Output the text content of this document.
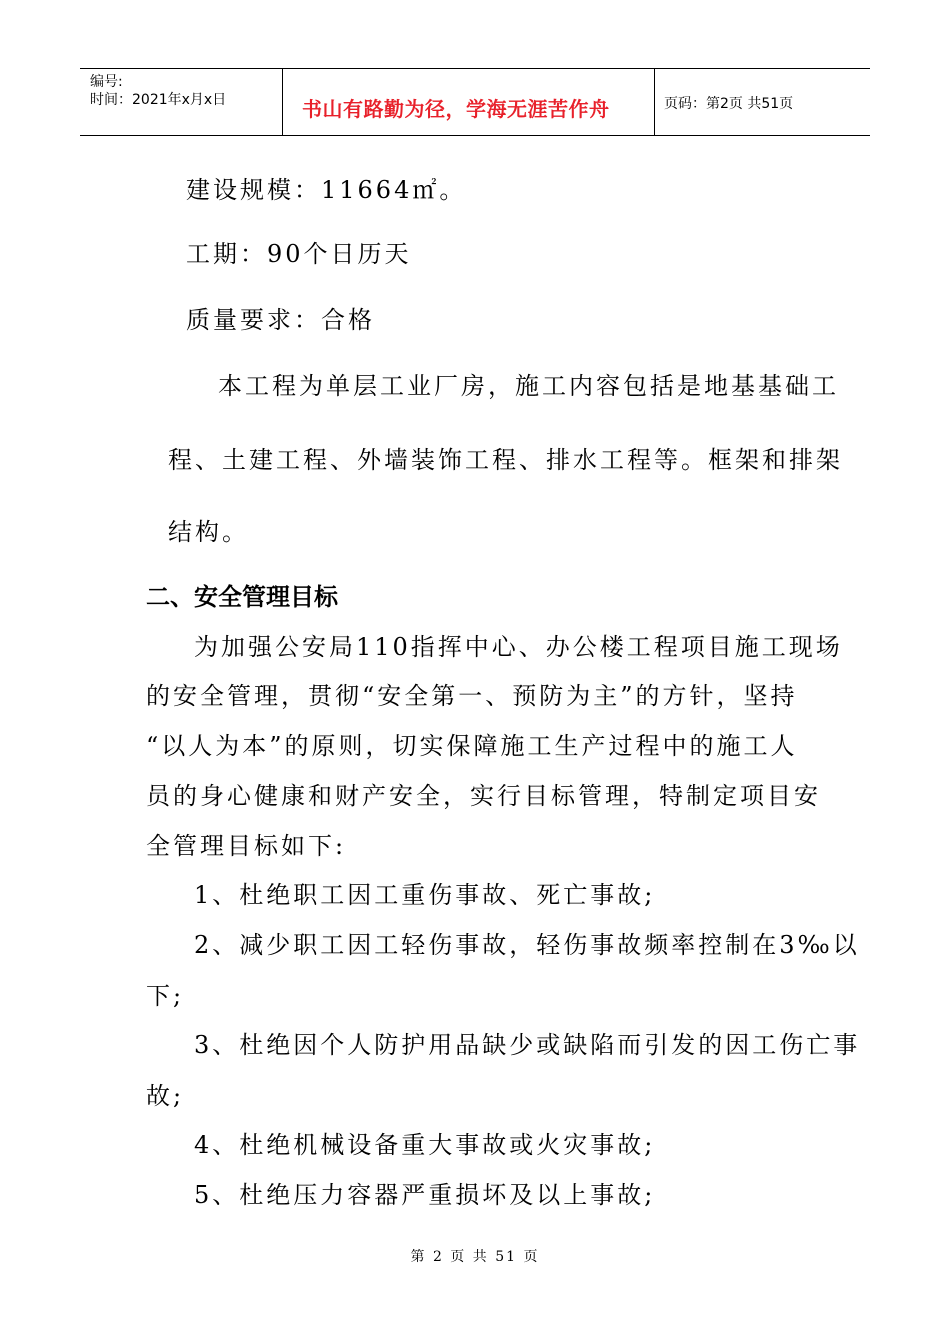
编号:
时间：2021年x月x日	书山有路勤为径，学海无涯苦作舟	页码：第2页 共51页
建设规模：11664㎡。
工期：90个日历天
质量要求：合格
本工程为单层工业厂房，施工内容包括是地基基础工
程、土建工程、外墙装饰工程、排水工程等。框架和排架
结构。
二、安全管理目标
为加强公安局110指挥中心、办公楼工程项目施工现场
的安全管理，贯彻“安全第一、预防为主”的方针，坚持
“以人为本”的原则，切实保障施工生产过程中的施工人
员的身心健康和财产安全，实行目标管理，特制定项目安
全管理目标如下:
1、杜绝职工因工重伤事故、死亡事故;
2、减少职工因工轻伤事故，轻伤事故频率控制在3‰以
下;
3、杜绝因个人防护用品缺少或缺陷而引发的因工伤亡事
故;
4、杜绝机械设备重大事故或火灾事故;
5、杜绝压力容器严重损坏及以上事故;
第 2 页 共 51 页
